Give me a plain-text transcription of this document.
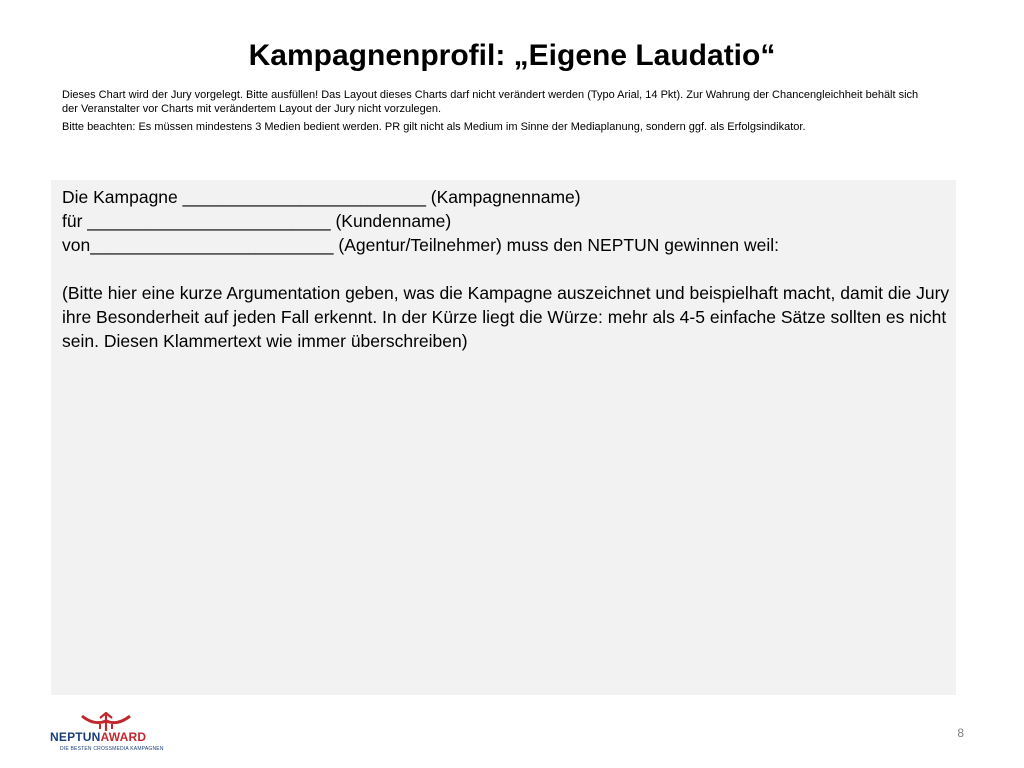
Kampagnenprofil: „Eigene Laudatio“

Dieses Chart wird der Jury vorgelegt. Bitte ausfüllen! Das Layout dieses Charts darf nicht verändert werden (Typo Arial, 14 Pkt). Zur Wahrung der Chancengleichheit behält sich der Veranstalter vor Charts mit verändertem Layout der Jury nicht vorzulegen.

Bitte beachten: Es müssen mindestens 3 Medien bedient werden. PR gilt nicht als Medium im Sinne der Mediaplanung, sondern ggf. als Erfolgsindikator.

Die Kampagne _________________________ (Kampagnenname)
für _________________________ (Kundenname)
von_________________________ (Agentur/Teilnehmer) muss den NEPTUN gewinnen weil:
(Bitte hier eine kurze Argumentation geben, was die Kampagne auszeichnet und beispielhaft macht, damit die Jury ihre Besonderheit auf jeden Fall erkennt. In der Kürze liegt die Würze: mehr als 4-5 einfache Sätze sollten es nicht sein. Diesen Klammertext wie immer überschreiben)
NEPTUNAWARD
DIE BESTEN CROSSMEDIA KAMPAGNEN
8
